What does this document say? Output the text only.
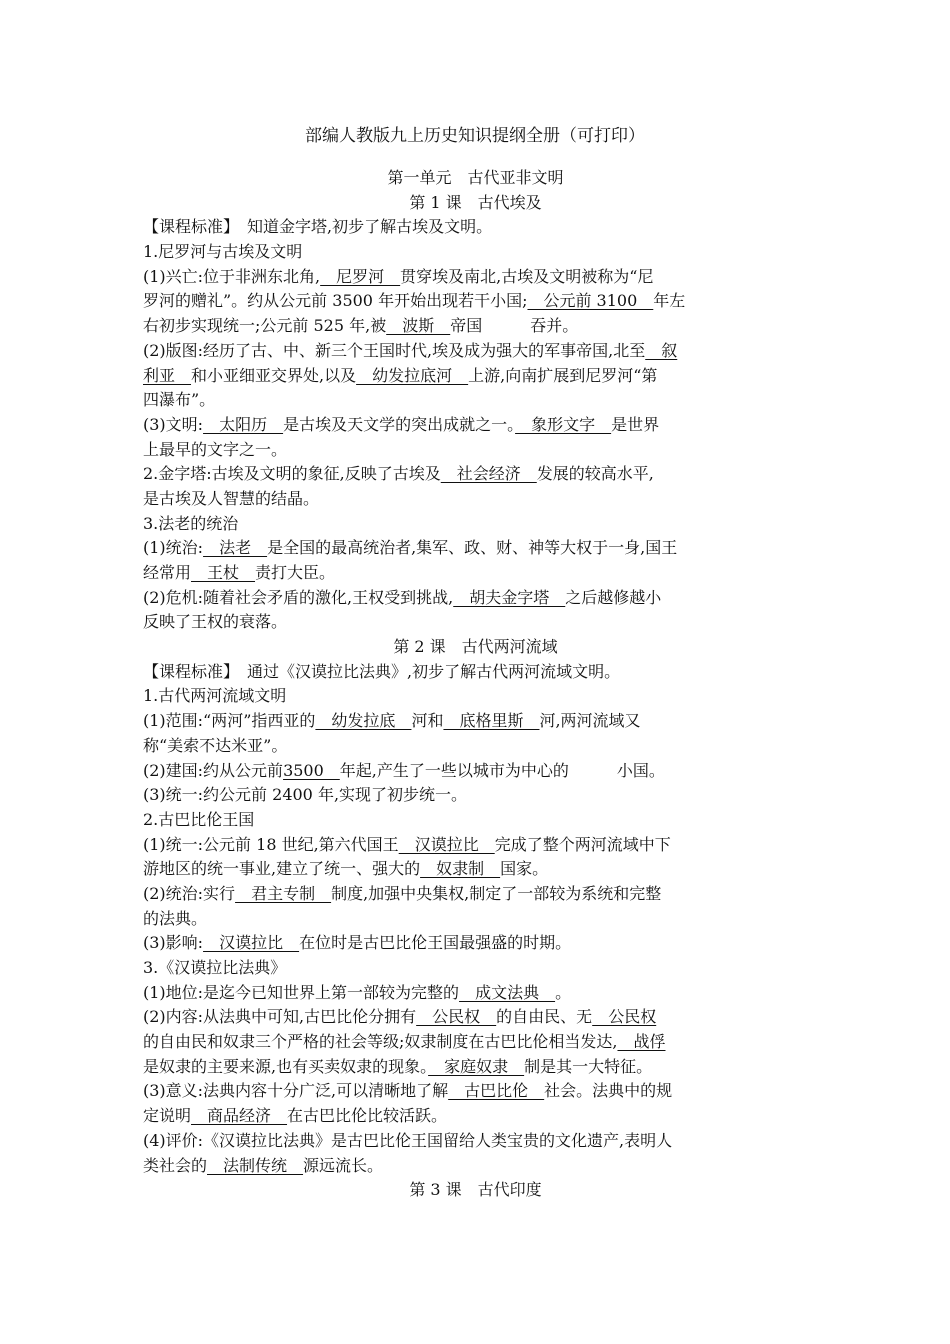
部编人教版九上历史知识提纲全册（可打印）
第一单元　古代亚非文明
第 1 课　古代埃及
【课程标准】　知道金字塔,初步了解古埃及文明。
1.尼罗河与古埃及文明
(1)兴亡:位于非洲东北角,　尼罗河　贯穿埃及南北,古埃及文明被称为“尼
罗河的赠礼”。约从公元前 3500 年开始出现若干小国;　公元前 3100　年左
右初步实现统一;公元前 525 年,被　波斯　帝国　　　吞并。
(2)版图:经历了古、中、新三个王国时代,埃及成为强大的军事帝国,北至　叙
利亚　和小亚细亚交界处,以及　幼发拉底河　上游,向南扩展到尼罗河“第
四瀑布”。
(3)文明:　太阳历　是古埃及天文学的突出成就之一。　象形文字　是世界
上最早的文字之一。
2.金字塔:古埃及文明的象征,反映了古埃及　社会经济　发展的较高水平,
是古埃及人智慧的结晶。
3.法老的统治
(1)统治:　法老　是全国的最高统治者,集军、政、财、神等大权于一身,国王
经常用　王杖　责打大臣。
(2)危机:随着社会矛盾的激化,王权受到挑战,　胡夫金字塔　之后越修越小
反映了王权的衰落。
第 2 课　古代两河流域
【课程标准】　通过《汉谟拉比法典》,初步了解古代两河流域文明。
1.古代两河流域文明
(1)范围:“两河”指西亚的　幼发拉底　河和　底格里斯　河,两河流域又
称“美索不达米亚”。
(2)建国:约从公元前3500　年起,产生了一些以城市为中心的　　　小国。
(3)统一:约公元前 2400 年,实现了初步统一。
2.古巴比伦王国
(1)统一:公元前 18 世纪,第六代国王　汉谟拉比　完成了整个两河流域中下
游地区的统一事业,建立了统一、强大的　奴隶制　国家。
(2)统治:实行　君主专制　制度,加强中央集权,制定了一部较为系统和完整
的法典。
(3)影响:　汉谟拉比　在位时是古巴比伦王国最强盛的时期。
3.《汉谟拉比法典》
(1)地位:是迄今已知世界上第一部较为完整的　成文法典　。
(2)内容:从法典中可知,古巴比伦分拥有　公民权　的自由民、无　公民权
的自由民和奴隶三个严格的社会等级;奴隶制度在古巴比伦相当发达,　战俘
是奴隶的主要来源,也有买卖奴隶的现象。　家庭奴隶　制是其一大特征。
(3)意义:法典内容十分广泛,可以清晰地了解　古巴比伦　社会。法典中的规
定说明　商品经济　在古巴比伦比较活跃。
(4)评价:《汉谟拉比法典》是古巴比伦王国留给人类宝贵的文化遗产,表明人
类社会的　法制传统　源远流长。
第 3 课　古代印度
